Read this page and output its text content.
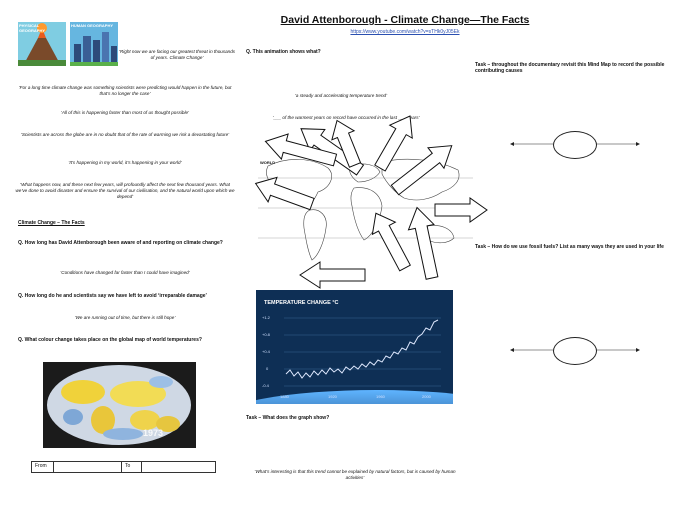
David Attenborough - Climate Change—The Facts
https://www.youtube.com/watch?v=sTHk0yJ05Ek
PHYSICAL GEOGRAPHY
HUMAN GEOGRAPHY
‘Right now we are facing our greatest threat in thousands of years. Climate Change’
‘For a long time climate change was something scientists were predicting would happen in the future, but that’s no longer the case’
‘All of this is happening faster than most of us thought possible’
‘Scientists are across the globe are in no doubt that of the rate of warming we risk a devastating future’
‘It’s happening in my world, it’s happening in your world’
‘What happens now, and these next few years, will profoundly affect the next few thousand years. What we’ve done to avoid disaster and ensure the survival of our civilisation, and the natural world upon which we depend’
Climate Change – The Facts
Q. How long has David Attenborough been aware of and reporting on climate change?
‘Conditions have changed far faster than I could have imagined’
Q. How long do he and scientists say we have left to avoid ‘irreparable damage’
‘We are running out of time, but there is still hope’
Q. What colour change takes place on the global map of world temperatures?
1973
From	To
Q. This animation shows what?
‘a steady and accelerating temperature trend’
‘___ of the warmest years on record have occurred in the last ___ years’
WORLD
TEMPERATURE CHANGE °C
+1.2
+0.8
+0.4
0
-0.4
1880	1920	1960	2000
Task – What does the graph show?
‘What’s interesting is that this trend cannot be explained by natural factors, but is caused by human activities’
Task – throughout the documentary revisit this Mind Map to record the possible contributing causes
Task – How do we use fossil fuels? List as many ways they are used in your life
